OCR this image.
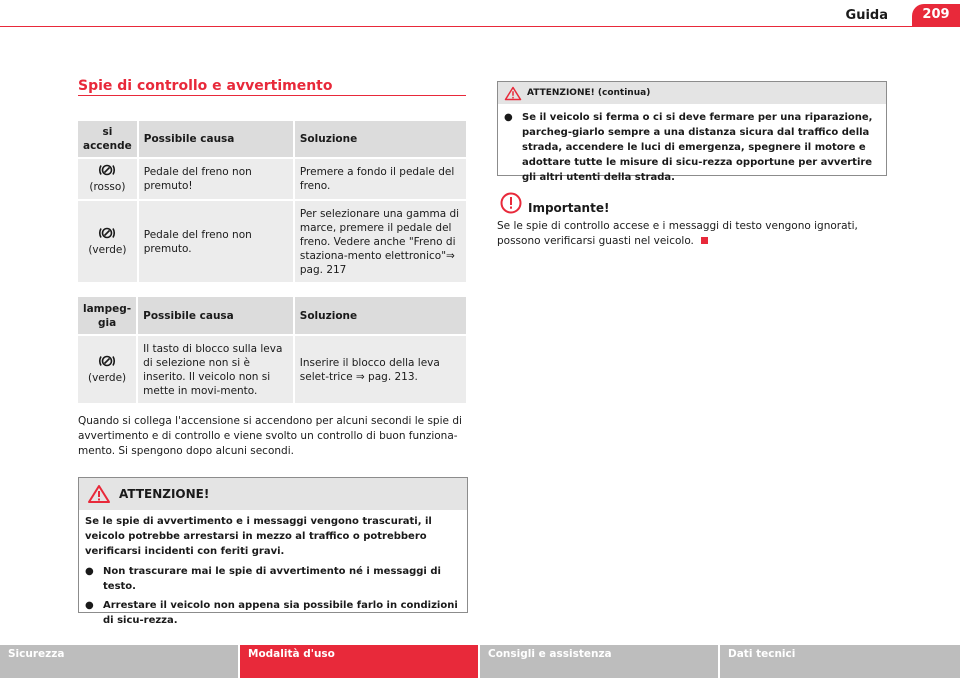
Guida	209
Spie di controllo e avvertimento
si accende	Possibile causa	Soluzione

(rosso)	Pedale del freno non premuto!	Premere a fondo il pedale del freno.

(verde)	Pedale del freno non premuto.	Per selezionare una gamma di marce, premere il pedale del freno. Vedere anche "Freno di staziona-mento elettronico"⇒ pag. 217
lampeg-gia	Possibile causa	Soluzione

(verde)	Il tasto di blocco sulla leva di selezione non si è inserito. Il veicolo non si mette in movi-mento.	Inserire il blocco della leva selet-trice ⇒ pag. 213.
Quando si collega l'accensione si accendono per alcuni secondi le spie di avvertimento e di controllo e viene svolto un controllo di buon funziona-mento. Si spengono dopo alcuni secondi.
ATTENZIONE!

Se le spie di avvertimento e i messaggi vengono trascurati, il veicolo potrebbe arrestarsi in mezzo al traffico o potrebbero verificarsi incidenti con feriti gravi.

● Non trascurare mai le spie di avvertimento né i messaggi di testo.
● Arrestare il veicolo non appena sia possibile farlo in condizioni di sicu-rezza.
ATTENZIONE! (continua)
● Se il veicolo si ferma o ci si deve fermare per una riparazione, parcheg-giarlo sempre a una distanza sicura dal traffico della strada, accendere le luci di emergenza, spegnere il motore e adottare tutte le misure di sicu-rezza opportune per avvertire gli altri utenti della strada.
Importante!
Se le spie di controllo accese e i messaggi di testo vengono ignorati, possono verificarsi guasti nel veicolo.
Sicurezza	Modalità d'uso	Consigli e assistenza	Dati tecnici
